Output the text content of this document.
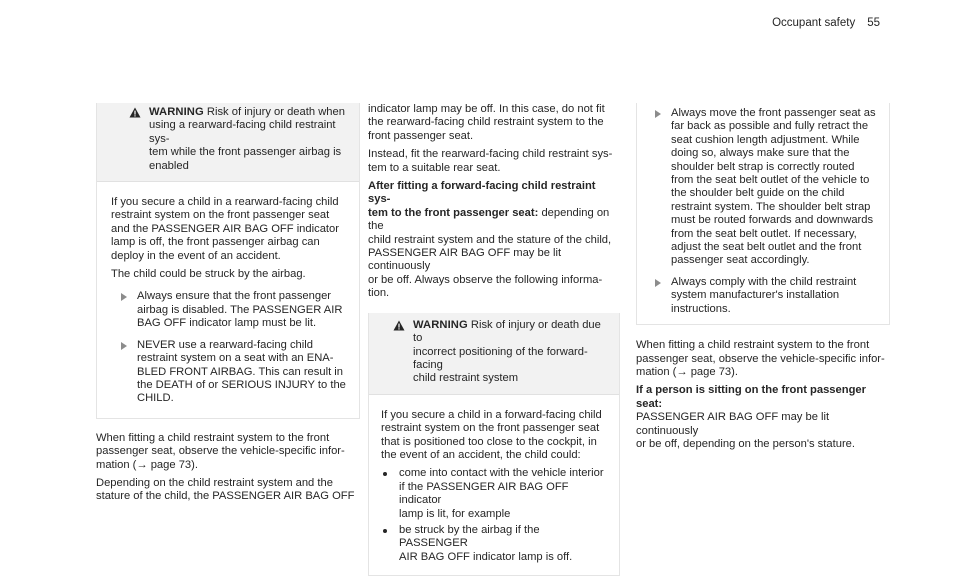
Occupant safety 55
WARNING Risk of injury or death when
using a rearward-facing child restraint sys-
tem while the front passenger airbag is
enabled

If you secure a child in a rearward-facing child
restraint system on the front passenger seat
and the PASSENGER AIR BAG OFF indicator
lamp is off, the front passenger airbag can
deploy in the event of an accident.

The child could be struck by the airbag.

Always ensure that the front passenger
airbag is disabled. The PASSENGER AIR
BAG OFF indicator lamp must be lit.
NEVER use a rearward-facing child
restraint system on a seat with an ENA-
BLED FRONT AIRBAG. This can result in
the DEATH of or SERIOUS INJURY to the
CHILD.

When fitting a child restraint system to the front
passenger seat, observe the vehicle-specific infor-
mation (→ page 73).

Depending on the child restraint system and the
stature of the child, the PASSENGER AIR BAG OFF

indicator lamp may be off. In this case, do not fit
the rearward-facing child restraint system to the
front passenger seat.

Instead, fit the rearward-facing child restraint sys-
tem to a suitable rear seat.

After fitting a forward-facing child restraint sys-
tem to the front passenger seat: depending on the
child restraint system and the stature of the child,
PASSENGER AIR BAG OFF may be lit continuously
or be off. Always observe the following informa-
tion.

WARNING Risk of injury or death due to
incorrect positioning of the forward-facing
child restraint system

If you secure a child in a forward-facing child
restraint system on the front passenger seat
that is positioned too close to the cockpit, in
the event of an accident, the child could:

come into contact with the vehicle interior
if the PASSENGER AIR BAG OFF indicator
lamp is lit, for example
be struck by the airbag if the PASSENGER
AIR BAG OFF indicator lamp is off.
Always move the front passenger seat as
far back as possible and fully retract the
seat cushion length adjustment. While
doing so, always make sure that the
shoulder belt strap is correctly routed
from the seat belt outlet of the vehicle to
the shoulder belt guide on the child
restraint system. The shoulder belt strap
must be routed forwards and downwards
from the seat belt outlet. If necessary,
adjust the seat belt outlet and the front
passenger seat accordingly.
Always comply with the child restraint
system manufacturer's installation
instructions.

When fitting a child restraint system to the front
passenger seat, observe the vehicle-specific infor-
mation (→ page 73).

If a person is sitting on the front passenger seat:
PASSENGER AIR BAG OFF may be lit continuously
or be off, depending on the person's stature.
